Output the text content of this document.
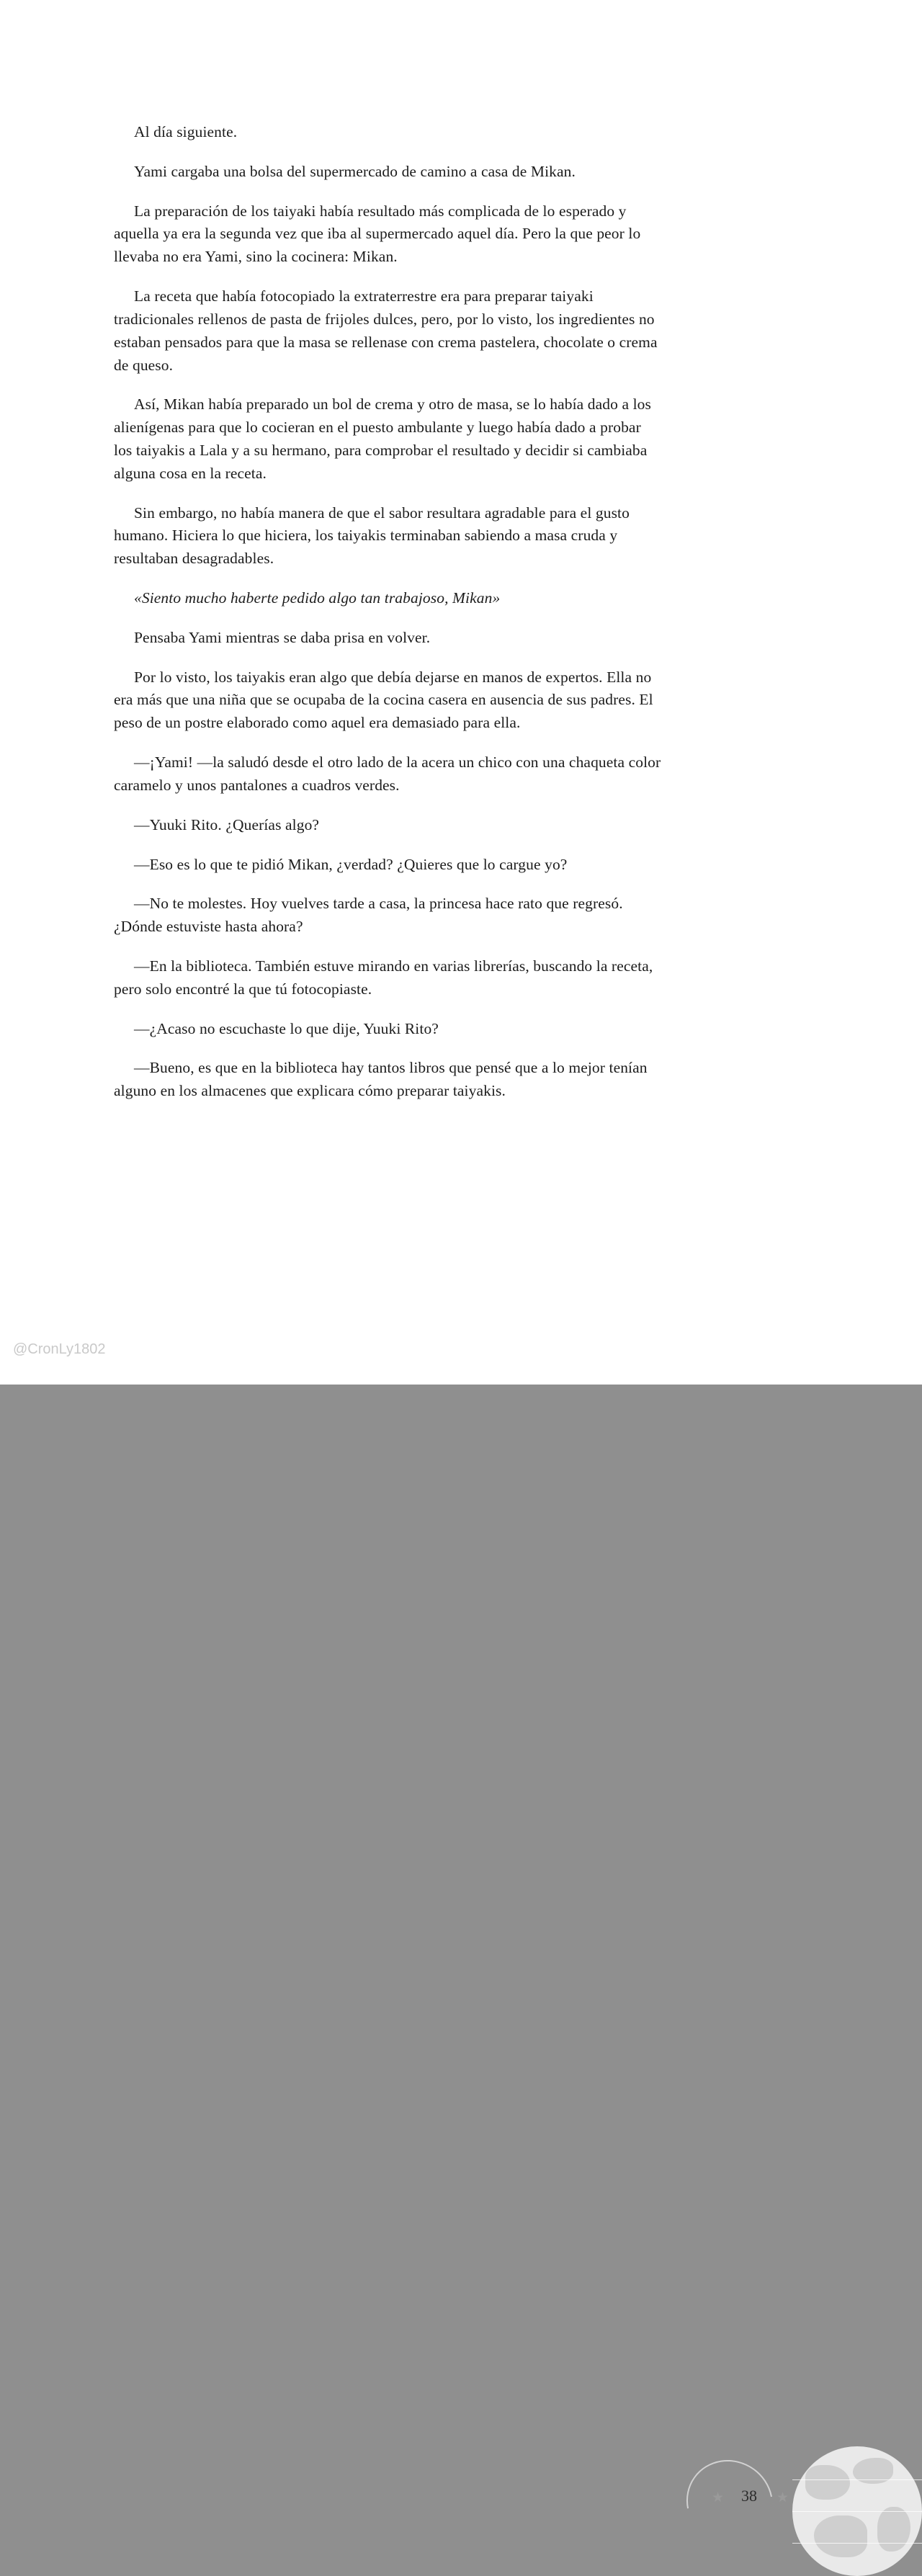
Al día siguiente.

Yami cargaba una bolsa del supermercado de camino a casa de Mikan.

La preparación de los taiyaki había resultado más complicada de lo esperado y aquella ya era la segunda vez que iba al supermercado aquel día. Pero la que peor lo llevaba no era Yami, sino la cocinera: Mikan.

La receta que había fotocopiado la extraterrestre era para preparar taiyaki tradicionales rellenos de pasta de frijoles dulces, pero, por lo visto, los ingredientes no estaban pensados para que la masa se rellenase con crema pastelera, chocolate o crema de queso.

Así, Mikan había preparado un bol de crema y otro de masa, se lo había dado a los alienígenas para que lo cocieran en el puesto ambulante y luego había dado a probar los taiyakis a Lala y a su hermano, para comprobar el resultado y decidir si cambiaba alguna cosa en la receta.

Sin embargo, no había manera de que el sabor resultara agradable para el gusto humano. Hiciera lo que hiciera, los taiyakis terminaban sabiendo a masa cruda y resultaban desagradables.

«Siento mucho haberte pedido algo tan trabajoso, Mikan»

Pensaba Yami mientras se daba prisa en volver.

Por lo visto, los taiyakis eran algo que debía dejarse en manos de expertos. Ella no era más que una niña que se ocupaba de la cocina casera en ausencia de sus padres. El peso de un postre elaborado como aquel era demasiado para ella.

—¡Yami! —la saludó desde el otro lado de la acera un chico con una chaqueta color caramelo y unos pantalones a cuadros verdes.

—Yuuki Rito. ¿Querías algo?

—Eso es lo que te pidió Mikan, ¿verdad? ¿Quieres que lo cargue yo?

—No te molestes. Hoy vuelves tarde a casa, la princesa hace rato que regresó. ¿Dónde estuviste hasta ahora?

—En la biblioteca. También estuve mirando en varias librerías, buscando la receta, pero solo encontré la que tú fotocopiaste.

—¿Acaso no escuchaste lo que dije, Yuuki Rito?

—Bueno, es que en la biblioteca hay tantos libros que pensé que a lo mejor tenían alguno en los almacenes que explicara cómo preparar taiyakis.

★	★
38
@CronLy1802
